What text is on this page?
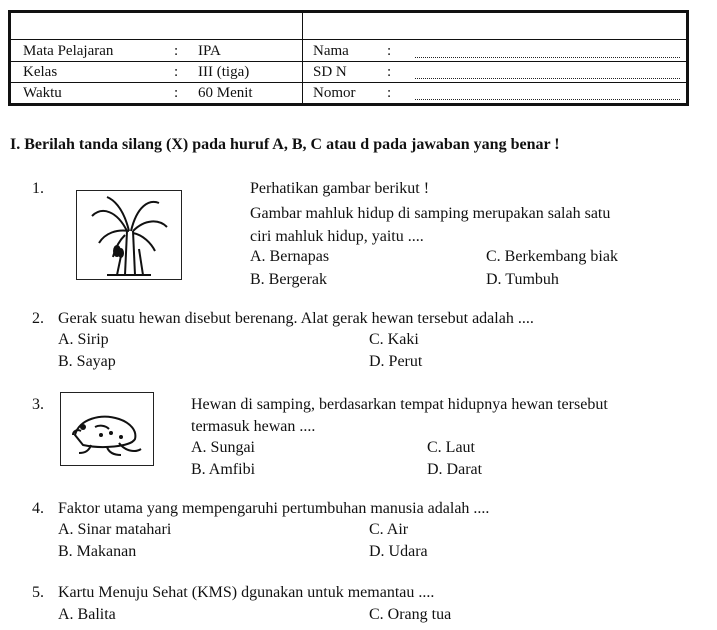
Mata Pelajaran	: IPA	Nama	:
Kelas	: III (tiga)	SD N	:
Waktu	: 60 Menit	Nomor :
I. Berilah tanda silang (X) pada huruf A, B, C atau d pada jawaban yang benar !
1.	Perhatikan gambar berikut !
Gambar mahluk hidup di samping merupakan salah satu
ciri mahluk hidup, yaitu ....
A. Bernapas	C. Berkembang biak
B. Bergerak	D. Tumbuh
2. Gerak suatu hewan disebut berenang. Alat gerak hewan tersebut adalah ....
A. Sirip	C. Kaki
B. Sayap	D. Perut
3.	Hewan di samping, berdasarkan tempat hidupnya hewan tersebut
termasuk hewan ....
A. Sungai	C. Laut
B. Amfibi	D. Darat
4. Faktor utama yang mempengaruhi pertumbuhan manusia adalah ....
A. Sinar matahari	C. Air
B. Makanan	D. Udara
5. Kartu Menuju Sehat (KMS) dgunakan untuk memantau ....
A. Balita	C. Orang tua
